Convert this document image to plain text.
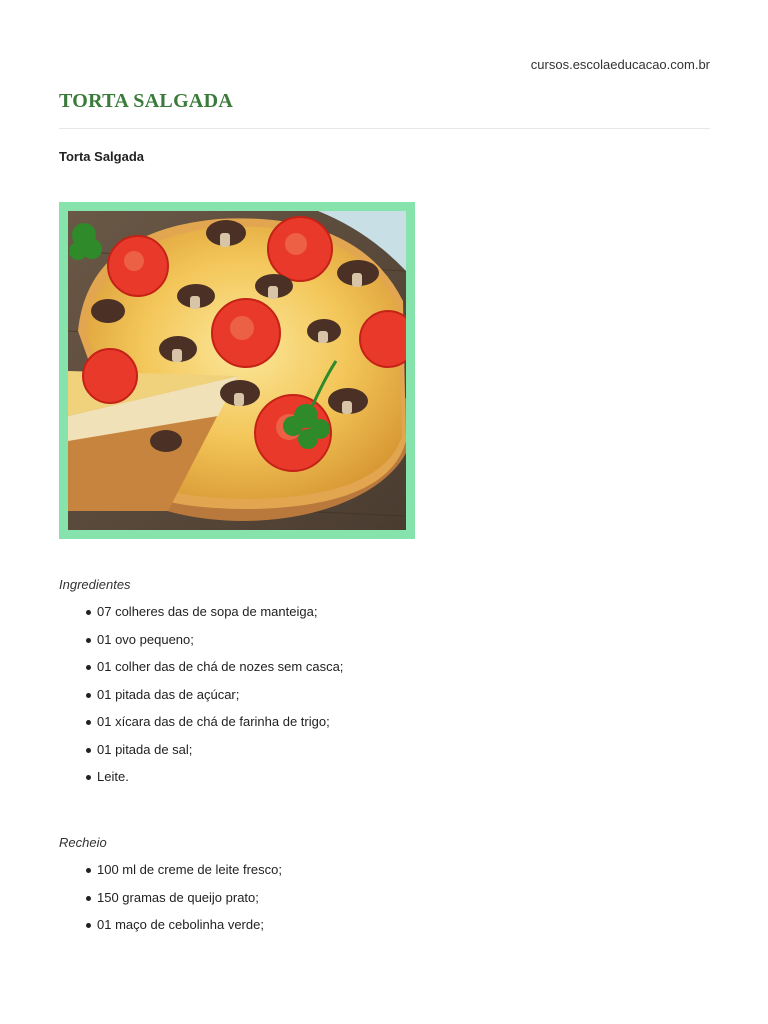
cursos.escolaeducacao.com.br
TORTA SALGADA
Torta Salgada
Ingredientes
07 colheres das de sopa de manteiga;
01 ovo pequeno;
01 colher das de chá de nozes sem casca;
01 pitada das de açúcar;
01 xícara das de chá de farinha de trigo;
01 pitada de sal;
Leite.
Recheio
100 ml de creme de leite fresco;
150 gramas de queijo prato;
01 maço de cebolinha verde;
